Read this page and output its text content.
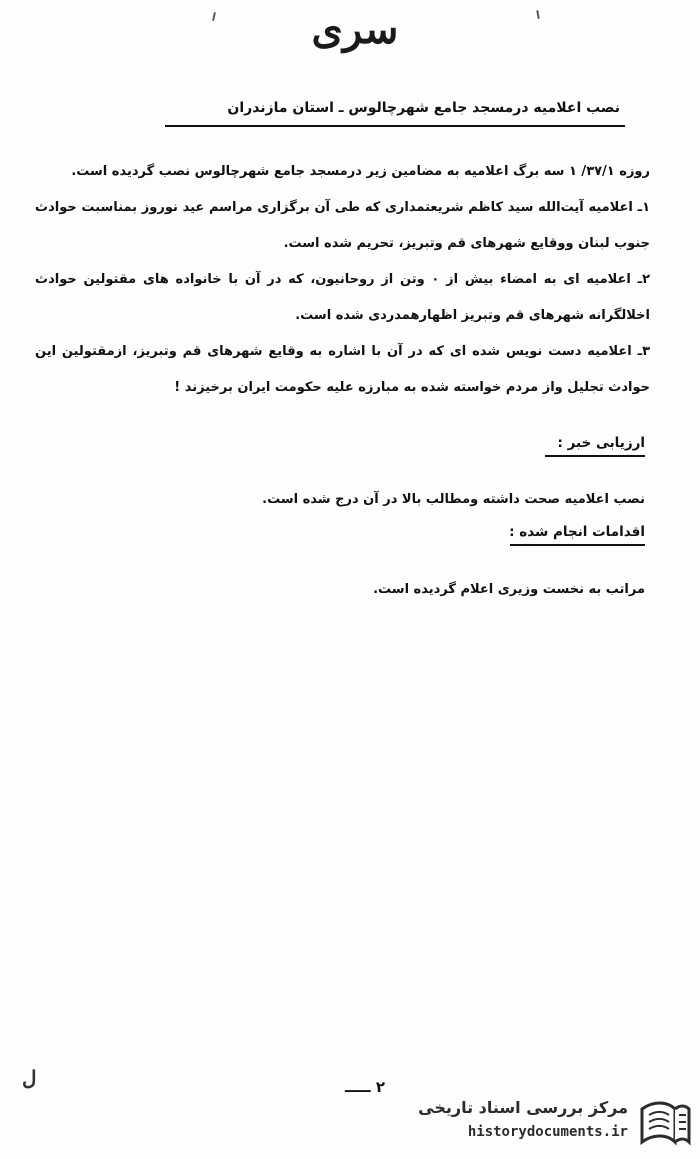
سری
نصب اعلامیه درمسجد جامع شهرچالوس ـ استان مازندران
روزه ۳۷/۱/ ۱ سه برگ اعلامیه به مضامین زیر درمسجد جامع شهرچالوس نصب گردیده است.
۱ـ اعلامیه آیت‌الله سید کاظم شریعتمداری که طی آن برگزاری مراسم عید نوروز بمناسبت حوادث جنوب لبنان ووقایع شهرهای قم وتبریز، تحریم شده است.
۲ـ اعلامیه ای به امضاء بیش از ۰ وتن از روحانیون، که در آن با خانواده های مقتولین حوادث اخلالگرانه شهرهای قم وتبریز اظهارهمدردی شده است.
۳ـ اعلامیه دست نویس شده ای که در آن با اشاره به وقایع شهرهای قم وتبریز، ازمقتولین این حوادث تجلیل واز مردم خواسته شده به مبارزه علیه حکومت ایران برخیزند !
ارزیابی خبر :
نصب اعلامیه صحت داشته ومطالب بالا در آن درج شده است.
اقدامات انجام شده :
مراتب به نخست وزیری اعلام گردیده است.
ل	۲ ـــــ
مرکز بررسی اسناد تاریخی
historydocuments.ir
